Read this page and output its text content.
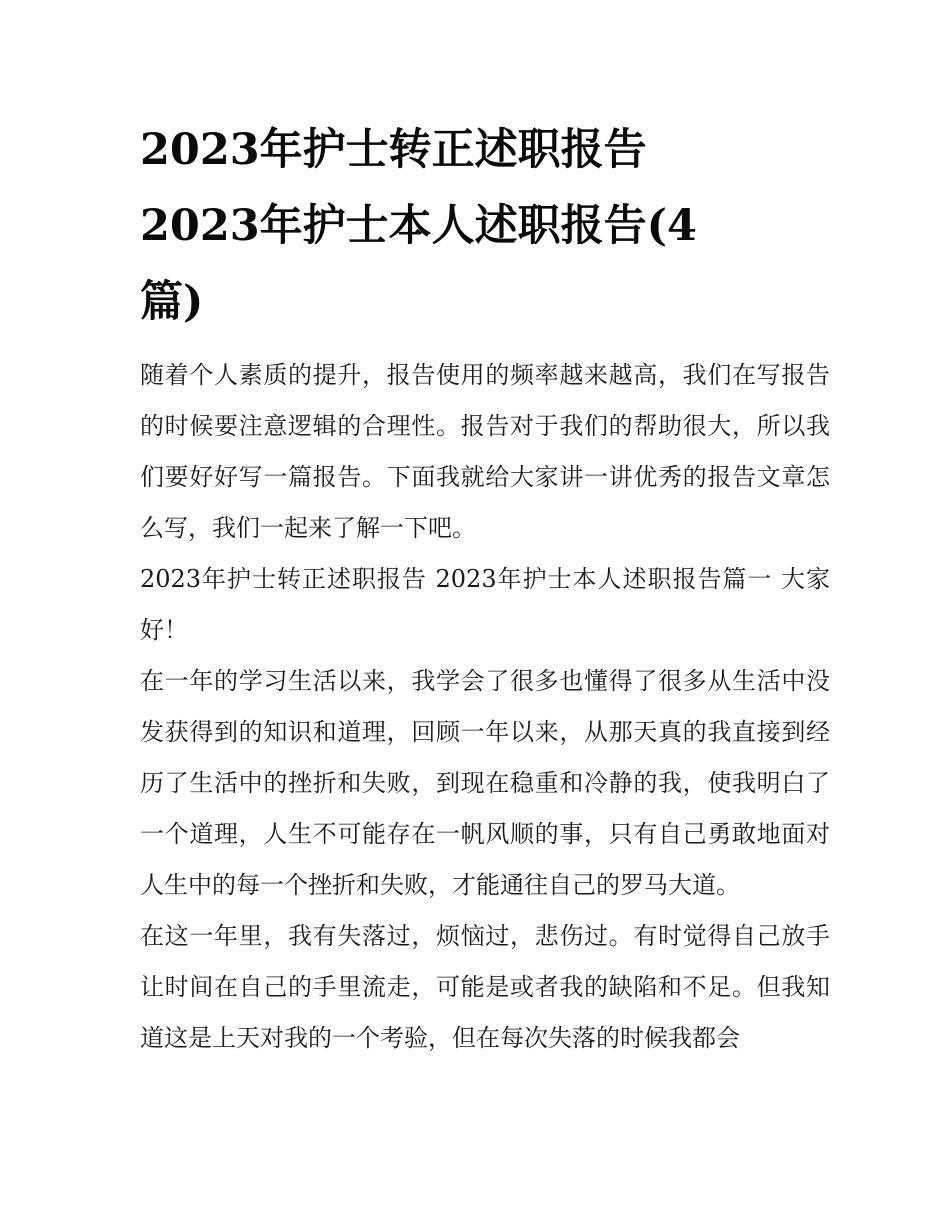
2023年护士转正述职报告
2023年护士本人述职报告(4
篇)

随着个人素质的提升，报告使用的频率越来越高，我们在写报告的时候要注意逻辑的合理性。报告对于我们的帮助很大，所以我们要好好写一篇报告。下面我就给大家讲一讲优秀的报告文章怎么写，我们一起来了解一下吧。

2023年护士转正述职报告 2023年护士本人述职报告篇一 大家好！

在一年的学习生活以来，我学会了很多也懂得了很多从生活中没发获得到的知识和道理，回顾一年以来，从那天真的我直接到经历了生活中的挫折和失败，到现在稳重和冷静的我，使我明白了一个道理，人生不可能存在一帆风顺的事，只有自己勇敢地面对人生中的每一个挫折和失败，才能通往自己的罗马大道。

在这一年里，我有失落过，烦恼过，悲伤过。有时觉得自己放手让时间在自己的手里流走，可能是或者我的缺陷和不足。但我知道这是上天对我的一个考验，但在每次失落的时候我都会
